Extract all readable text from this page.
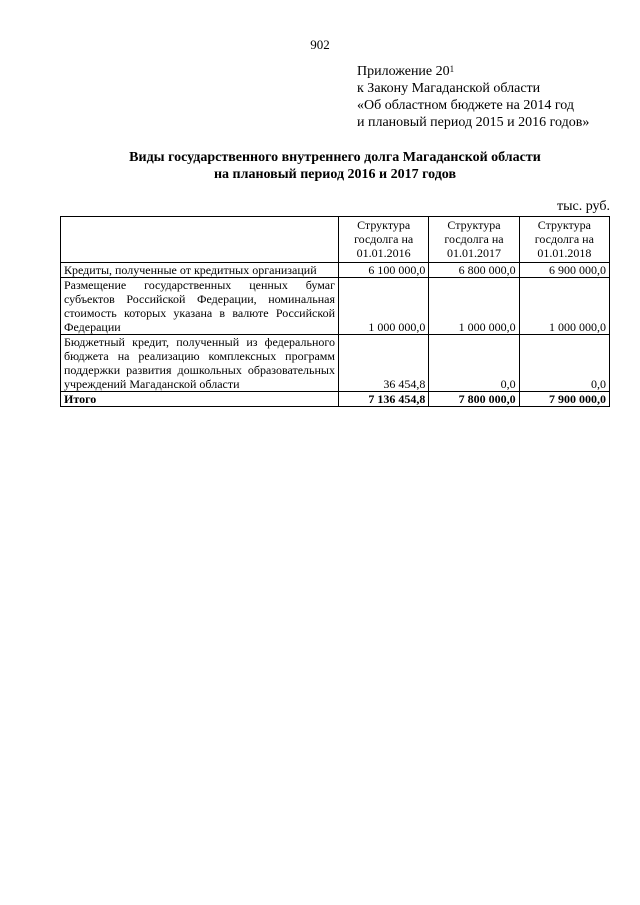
902
Приложение $20^1$
к Закону Магаданской области
«Об областном бюджете на 2014 год
и плановый период 2015 и 2016 годов»
Виды государственного внутреннего долга Магаданской области
на плановый период 2016 и 2017 годов
тыс. руб.
	Структура госдолга на 01.01.2016	Структура госдолга на 01.01.2017	Структура госдолга на 01.01.2018
Кредиты, полученные от кредитных организаций	6 100 000,0	6 800 000,0	6 900 000,0
Размещение государственных ценных бумаг субъектов Российской Федерации, номинальная стоимость которых указана в валюте Российской Федерации	1 000 000,0	1 000 000,0	1 000 000,0
Бюджетный кредит, полученный из федерального бюджета на реализацию комплексных программ поддержки развития дошкольных образовательных учреждений Магаданской области	36 454,8	0,0	0,0
Итого	7 136 454,8	7 800 000,0	7 900 000,0
